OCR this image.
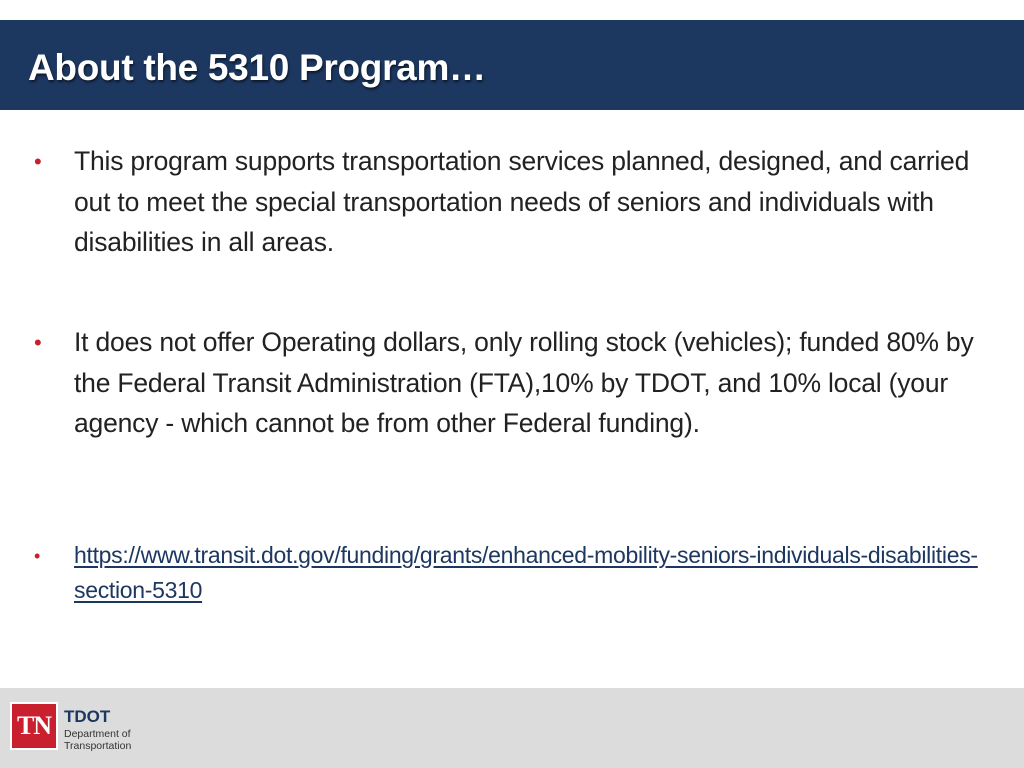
About the 5310 Program…
• This program supports transportation services planned, designed, and carried out to meet the special transportation needs of seniors and individuals with disabilities in all areas.
• It does not offer Operating dollars, only rolling stock (vehicles); funded 80% by the Federal Transit Administration (FTA),10% by TDOT, and 10% local (your agency - which cannot be from other Federal funding).
• https://www.transit.dot.gov/funding/grants/enhanced-mobility-seniors-individuals-disabilities-section-5310
TN TDOT
Department of
Transportation
